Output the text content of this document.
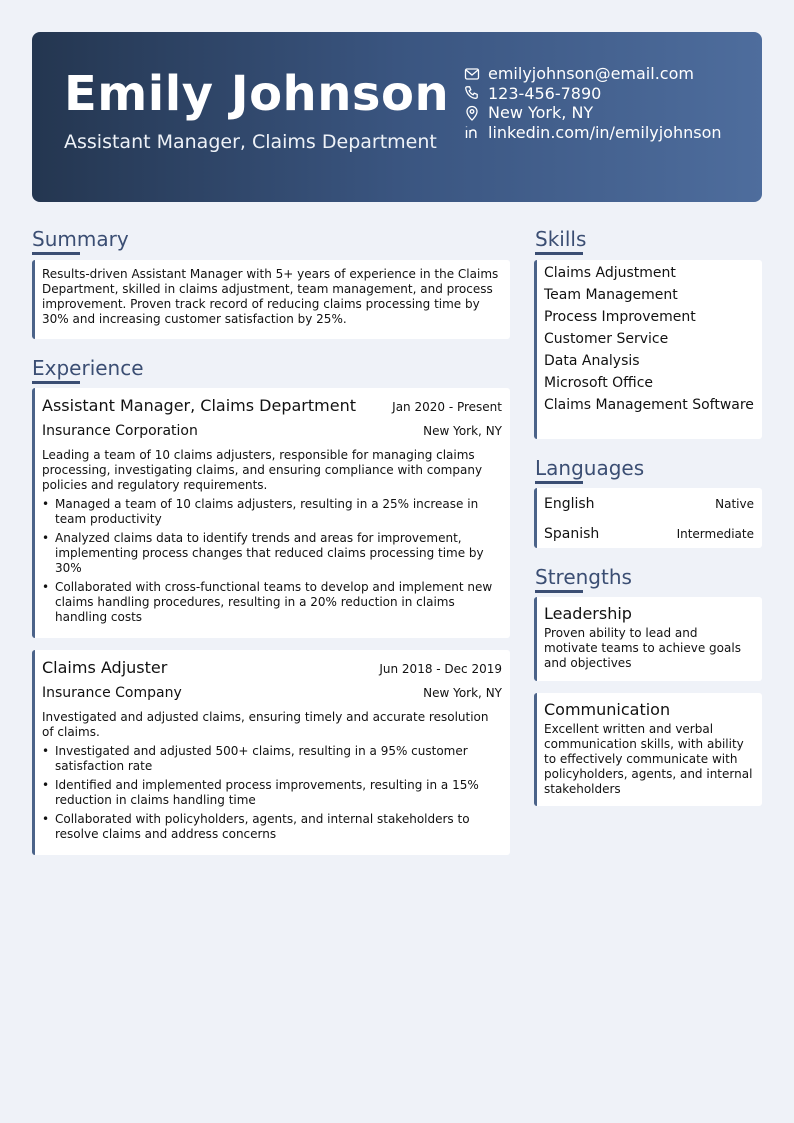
Emily Johnson
Assistant Manager, Claims Department
emilyjohnson@email.com
123-456-7890
New York, NY
linkedin.com/in/emilyjohnson
Summary
Results-driven Assistant Manager with 5+ years of experience in the Claims Department, skilled in claims adjustment, team management, and process improvement. Proven track record of reducing claims processing time by 30% and increasing customer satisfaction by 25%.
Experience
Assistant Manager, Claims Department	Jan 2020 - Present
Insurance Corporation	New York, NY
Leading a team of 10 claims adjusters, responsible for managing claims processing, investigating claims, and ensuring compliance with company policies and regulatory requirements.
• Managed a team of 10 claims adjusters, resulting in a 25% increase in team productivity
• Analyzed claims data to identify trends and areas for improvement, implementing process changes that reduced claims processing time by 30%
• Collaborated with cross-functional teams to develop and implement new claims handling procedures, resulting in a 20% reduction in claims handling costs
Claims Adjuster	Jun 2018 - Dec 2019
Insurance Company	New York, NY
Investigated and adjusted claims, ensuring timely and accurate resolution of claims.
• Investigated and adjusted 500+ claims, resulting in a 95% customer satisfaction rate
• Identified and implemented process improvements, resulting in a 15% reduction in claims handling time
• Collaborated with policyholders, agents, and internal stakeholders to resolve claims and address concerns
Skills
Claims Adjustment
Team Management
Process Improvement
Customer Service
Data Analysis
Microsoft Office
Claims Management Software
Languages
English	Native
Spanish	Intermediate
Strengths
Leadership
Proven ability to lead and motivate teams to achieve goals and objectives
Communication
Excellent written and verbal communication skills, with ability to effectively communicate with policyholders, agents, and internal stakeholders
